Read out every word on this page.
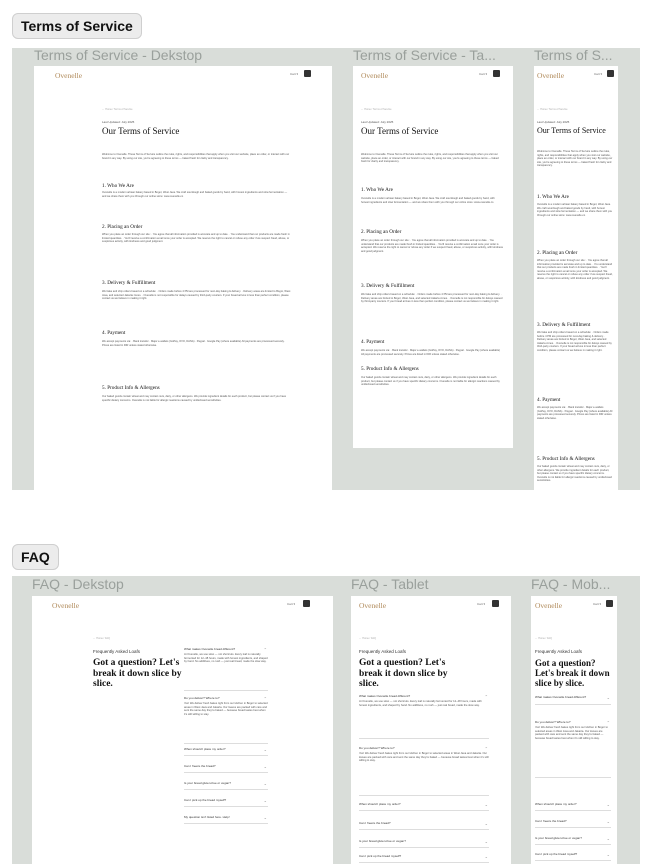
Terms of Service
Terms of Service - Dekstop	Terms of Service - Ta...	Terms of S...
Ovenelle	Cart ▾
← Home / Terms of Service
Last Updated: July 2025
Our Terms of Service
Welcome to Ovenelle. These Terms of Service outline the rules, rights, and responsibilities that apply when you visit our website, place an order, or interact with our brand in any way. By using our site, you're agreeing to these terms — baked fresh for clarity and transparency.
1. Who We Are
Ovenelle is a modern artisan bakery based in Bogor, West Java. We craft sourdough and baked goods by hand, with honest ingredients and slow fermentation — and we share them with you through our online store: www.ovenelle.co
2. Placing an Order
When you place an order through our site: · You agree that all information provided is accurate and up to date. · You understand that our products are made fresh in limited quantities. · You'll receive a confirmation email once your order is accepted. We reserve the right to cancel or refuse any order if we suspect fraud, abuse, or suspicious activity, with kindness and good judgment.
3. Delivery & Fulfillment
We bake and ship orders based on a schedule: · Orders made before 4 PM are processed for next-day baking & delivery. · Delivery areas are limited to Bogor, West Java, and selected Jakarta zones. · Ovenelle is not responsible for delays caused by third-party couriers. If your bread arrives in less than perfect condition, please contact us we believe in making it right.
4. Payment
We accept payments via: · Bank transfer · Major e-wallets (GoPay, OVO, DANA) · Paypal · Google Pay (where available) All payments are processed securely. Prices are listed in IDR unless stated otherwise.
5. Product Info & Allergens
Our baked goods contain wheat and may contain nuts, dairy, or other allergens. We provide ingredient details for each product, but please contact us if you have specific dietary concerns. Ovenelle is not liable for allergic reactions caused by undisclosed sensitivities.
Ovenelle	Cart ▾
← Home / Terms of Service
Last Updated: July 2025
Our Terms of Service
Welcome to Ovenelle. These Terms of Service outline the rules, rights, and responsibilities that apply when you visit our website, place an order, or interact with our brand in any way. By using our site, you're agreeing to these terms — baked fresh for clarity and transparency.
1. Who We Are
Ovenelle is a modern artisan bakery based in Bogor, West Java. We craft sourdough and baked goods by hand, with honest ingredients and slow fermentation — and we share them with you through our online store: www.ovenelle.co
2. Placing an Order
When you place an order through our site: · You agree that all information provided is accurate and up to date. · You understand that our products are made fresh in limited quantities. · You'll receive a confirmation email once your order is accepted. We reserve the right to cancel or refuse any order if we suspect fraud, abuse, or suspicious activity, with kindness and good judgment.
3. Delivery & Fulfillment
We bake and ship orders based on a schedule: · Orders made before 4 PM are processed for next-day baking & delivery. · Delivery areas are limited to Bogor, West Java, and selected Jakarta zones. · Ovenelle is not responsible for delays caused by third-party couriers. If your bread arrives in less than perfect condition, please contact us we believe in making it right.
4. Payment
We accept payments via: · Bank transfer · Major e-wallets (GoPay, OVO, DANA) · Paypal · Google Pay (where available) All payments are processed securely. Prices are listed in IDR unless stated otherwise.
5. Product Info & Allergens
Our baked goods contain wheat and may contain nuts, dairy, or other allergens. We provide ingredient details for each product, but please contact us if you have specific dietary concerns. Ovenelle is not liable for allergic reactions caused by undisclosed sensitivities.
Ovenelle	Cart ▾
← Home / Terms of Service
Last Updated: July 2025
Our Terms of Service
Welcome to Ovenelle. These Terms of Service outline the rules, rights, and responsibilities that apply when you visit our website, place an order, or interact with our brand in any way. By using our site, you're agreeing to these terms — baked fresh for clarity and transparency.
1. Who We Are
Ovenelle is a modern artisan bakery based in Bogor, West Java. We craft sourdough and baked goods by hand, with honest ingredients and slow fermentation — and we share them with you through our online store: www.ovenelle.co
2. Placing an Order
When you place an order through our site: · You agree that all information provided is accurate and up to date. · You understand that our products are made fresh in limited quantities. · You'll receive a confirmation email once your order is accepted. We reserve the right to cancel or refuse any order if we suspect fraud, abuse, or suspicious activity, with kindness and good judgment.
3. Delivery & Fulfillment
We bake and ship orders based on a schedule: · Orders made before 4 PM are processed for next-day baking & delivery. · Delivery areas are limited to Bogor, West Java, and selected Jakarta zones. · Ovenelle is not responsible for delays caused by third-party couriers. If your bread arrives in less than perfect condition, please contact us we believe in making it right.
4. Payment
We accept payments via: · Bank transfer · Major e-wallets (GoPay, OVO, DANA) · Paypal · Google Pay (where available) All payments are processed securely. Prices are listed in IDR unless stated otherwise.
5. Product Info & Allergens
Our baked goods contain wheat and may contain nuts, dairy, or other allergens. We provide ingredient details for each product, but please contact us if you have specific dietary concerns. Ovenelle is not liable for allergic reactions caused by undisclosed sensitivities.
FAQ
FAQ - Dekstop	FAQ - Tablet	FAQ - Mob...
Ovenelle	Cart ▾
← Home / FAQ
Frequently Asked Loafs
Got a question? Let's break it down slice by slice.
What makes Ovenelle bread different?	⌃
At Ovenelle, we use slow — not shortcuts. Every loaf is naturally fermented for 12–48 hours, made with honest ingredients, and shaped by hand. No additives, no rush — just real bread, made the slow way.
Do you deliver? Where to?	⌃
Yes! We deliver fresh bakes right from our kitchen in Bogor to selected areas in West Java and Jakarta. Our loaves are packed with care and sent the same day they're baked — because bread tastes best when it's still willing to stay.
When should I place my order?	⌄
Can I freeze the bread?	⌄
Is your bread gluten-free or vegan?	⌄
Can I pick up the bread myself?	⌄
My question isn't listed here. Help!	⌄
Ovenelle	Cart ▾
← Home / FAQ
Frequently Asked Loafs
Got a question? Let's break it down slice by slice.
What makes Ovenelle bread different?	⌃
At Ovenelle, we use slow — not shortcuts. Every loaf is naturally fermented for 12–48 hours, made with honest ingredients, and shaped by hand. No additives, no rush — just real bread, made the slow way.
Do you deliver? Where to?	⌃
Yes! We deliver fresh bakes right from our kitchen in Bogor to selected areas in West Java and Jakarta. Our loaves are packed with care and sent the same day they're baked — because bread tastes best when it's still willing to stay.
When should I place my order?	⌄
Can I freeze the bread?	⌄
Is your bread gluten-free or vegan?	⌄
Can I pick up the bread myself?	⌄
Ovenelle	Cart ▾
← Home / FAQ
Frequently Asked Loafs
Got a question? Let's break it down slice by slice.
What makes Ovenelle bread different?	⌄
Do you deliver? Where to?	⌃
Yes! We deliver fresh bakes right from our kitchen in Bogor to selected areas in West Java and Jakarta. Our loaves are packed with care and sent the same day they're baked — because bread tastes best when it's still willing to stay.
When should I place my order?	⌄
Can I freeze the bread?	⌄
Is your bread gluten-free or vegan?	⌄
Can I pick up the bread myself?	⌄
